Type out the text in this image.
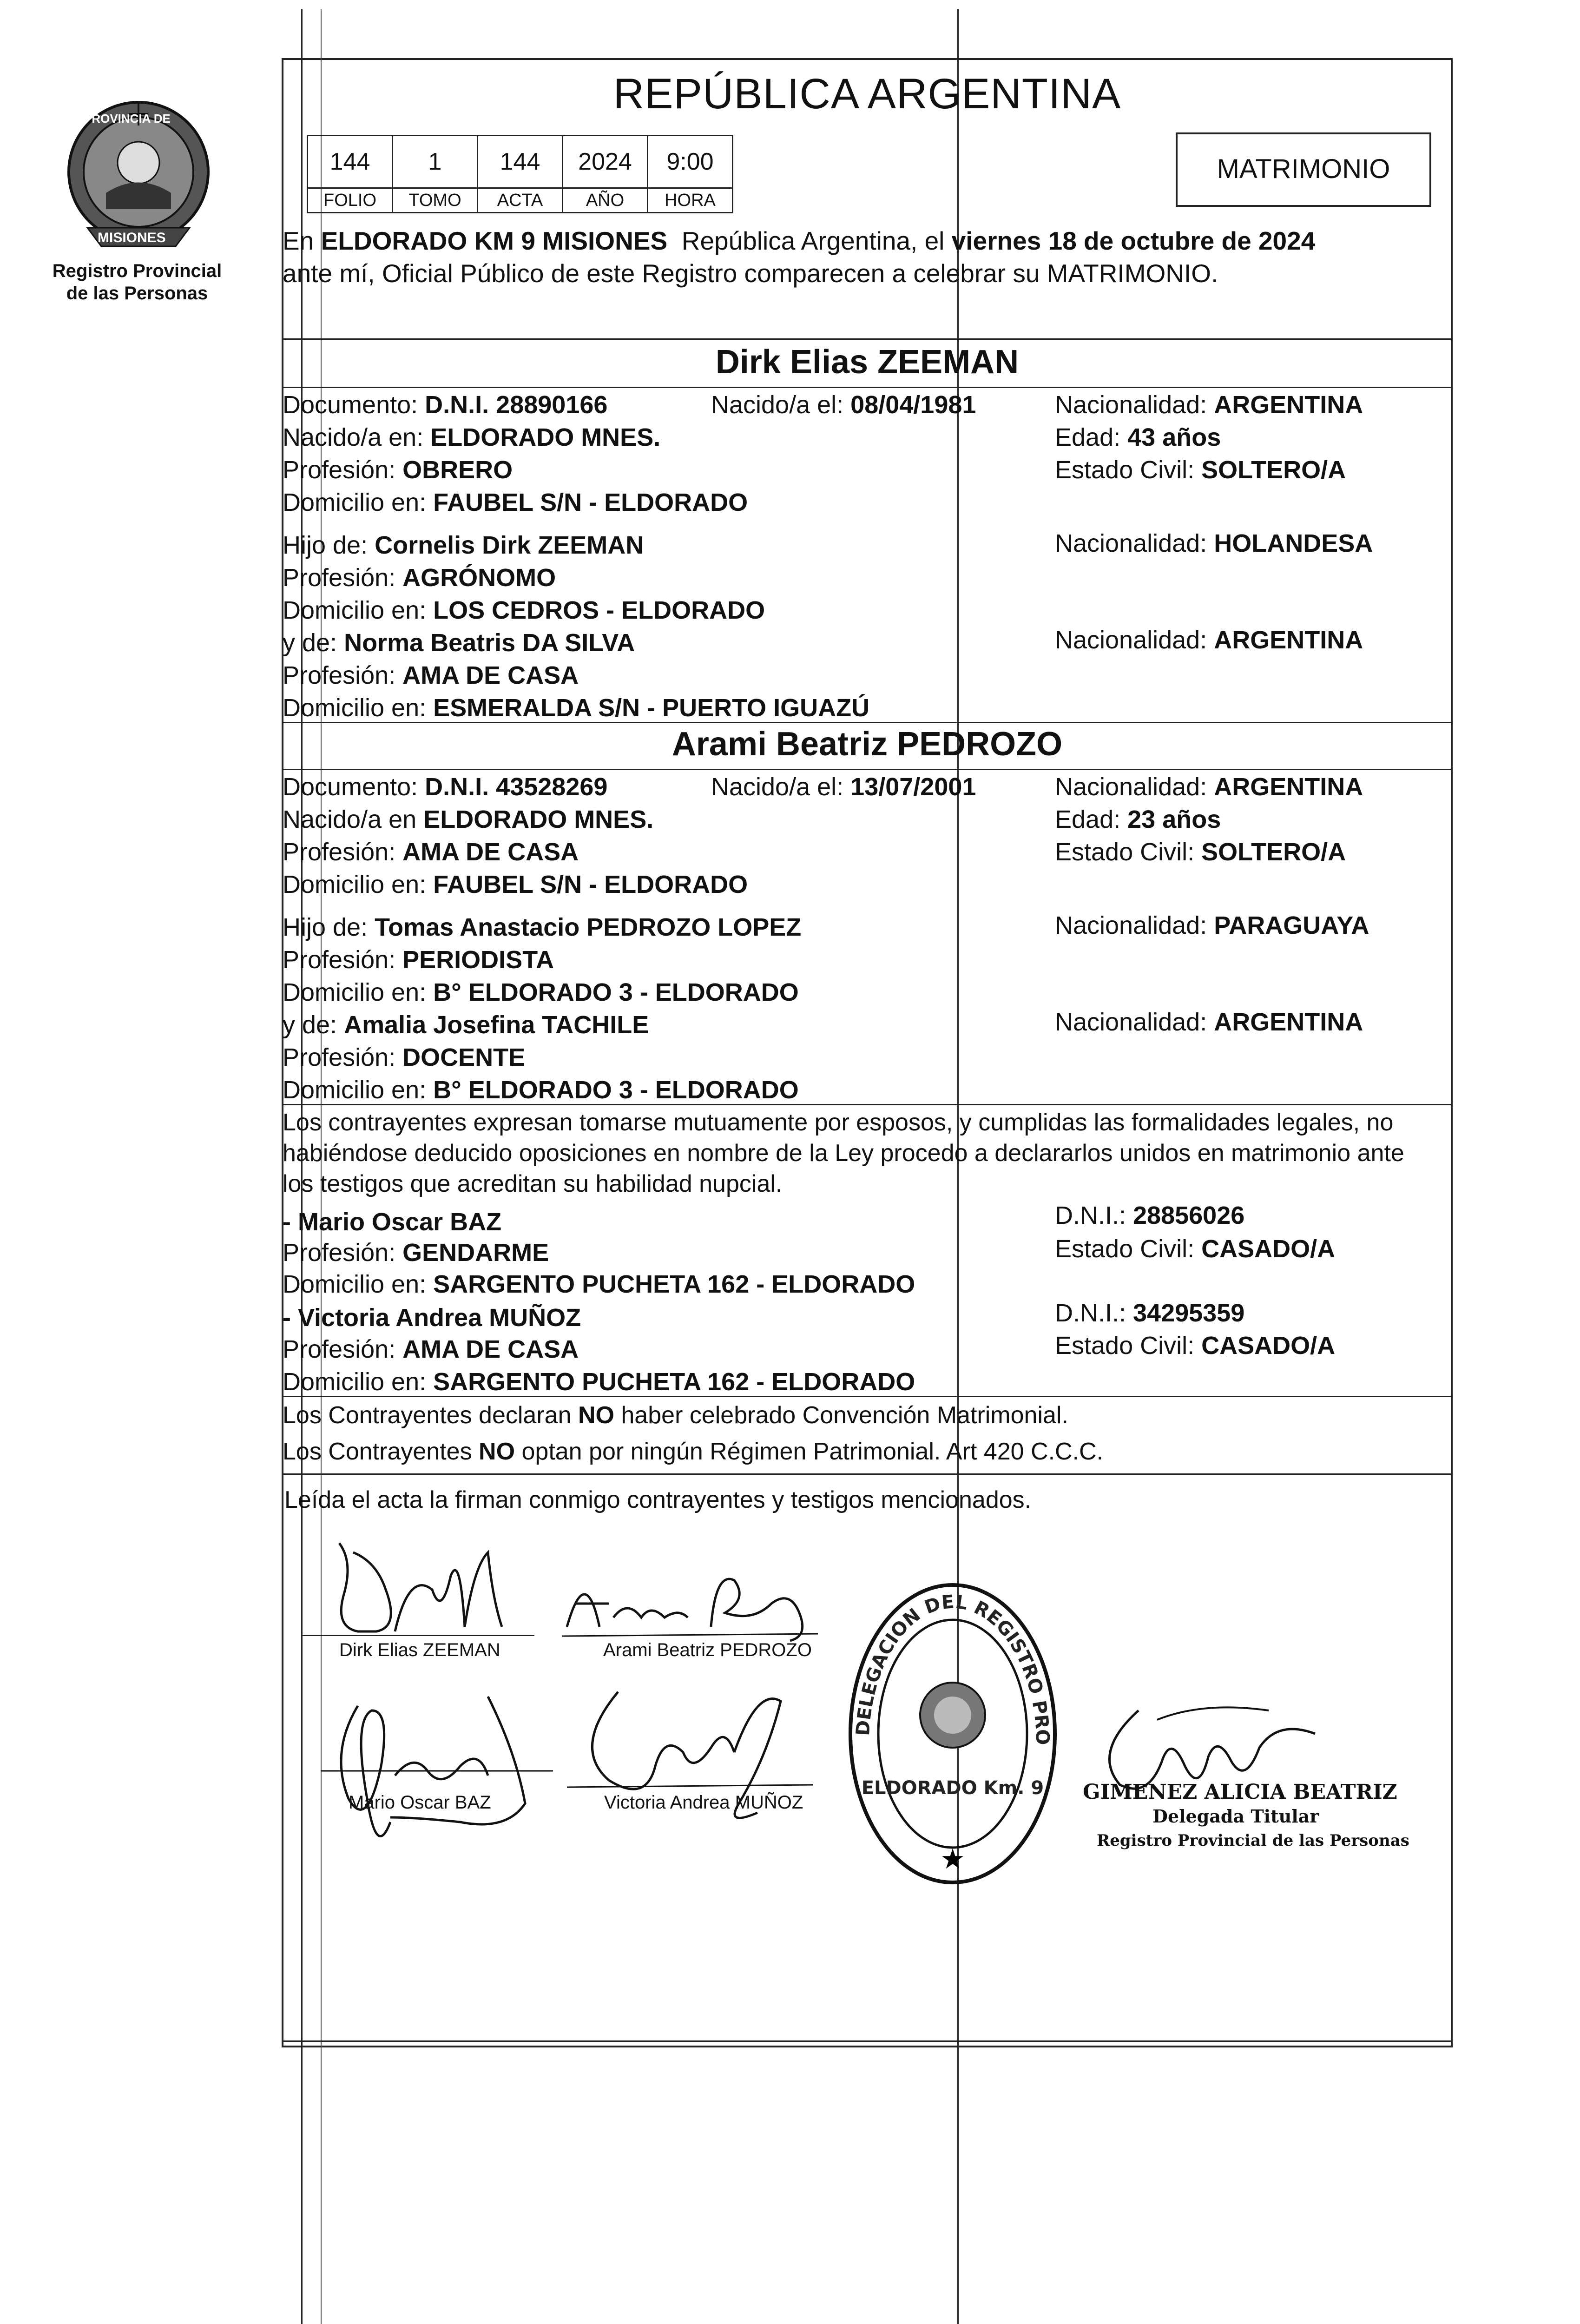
PROVINCIA DE
MISIONES
Registro Provincial
de las Personas
REPÚBLICA ARGENTINA
144	1	144	2024	9:00
FOLIO	TOMO	ACTA	AÑO	HORA
MATRIMONIO
En ELDORADO KM 9 MISIONES  República Argentina, el viernes 18 de octubre de 2024
ante mí, Oficial Público de este Registro comparecen a celebrar su MATRIMONIO.
Dirk Elias ZEEMAN
Documento: D.N.I. 28890166	Nacido/a el: 08/04/1981	Nacionalidad: ARGENTINA
Nacido/a en: ELDORADO MNES.	Edad: 43 años
Profesión: OBRERO	Estado Civil: SOLTERO/A
Domicilio en: FAUBEL S/N - ELDORADO
Hijo de: Cornelis Dirk ZEEMAN	Nacionalidad: HOLANDESA
Profesión: AGRÓNOMO
Domicilio en: LOS CEDROS - ELDORADO
y de: Norma Beatris DA SILVA	Nacionalidad: ARGENTINA
Profesión: AMA DE CASA
Domicilio en: ESMERALDA S/N - PUERTO IGUAZÚ
Arami Beatriz PEDROZO
Documento: D.N.I. 43528269	Nacido/a el: 13/07/2001	Nacionalidad: ARGENTINA
Nacido/a en ELDORADO MNES.	Edad: 23 años
Profesión: AMA DE CASA	Estado Civil: SOLTERO/A
Domicilio en: FAUBEL S/N - ELDORADO
Hijo de: Tomas Anastacio PEDROZO LOPEZ	Nacionalidad: PARAGUAYA
Profesión: PERIODISTA
Domicilio en: B° ELDORADO 3 - ELDORADO
y de: Amalia Josefina TACHILE	Nacionalidad: ARGENTINA
Profesión: DOCENTE
Domicilio en: B° ELDORADO 3 - ELDORADO
Los contrayentes expresan tomarse mutuamente por esposos, y cumplidas las formalidades legales, no
habiéndose deducido oposiciones en nombre de la Ley procedo a declararlos unidos en matrimonio ante
los testigos que acreditan su habilidad nupcial.
- Mario Oscar BAZ	D.N.I.: 28856026
Profesión: GENDARME	Estado Civil: CASADO/A
Domicilio en: SARGENTO PUCHETA 162 - ELDORADO
- Victoria Andrea MUÑOZ	D.N.I.: 34295359
Profesión: AMA DE CASA	Estado Civil: CASADO/A
Domicilio en: SARGENTO PUCHETA 162 - ELDORADO
Los Contrayentes declaran NO haber celebrado Convención Matrimonial.
Los Contrayentes NO optan por ningún Régimen Patrimonial. Art 420 C.C.C.
Leída el acta la firman conmigo contrayentes y testigos mencionados.
Dirk Elias ZEEMAN	Arami Beatriz PEDROZO
Mario Oscar BAZ	Victoria Andrea MUÑOZ
DELEGACION DEL REGISTRO PROVINCIAL DE LAS PERSONAS
ELDORADO Km. 9
★
GIMENEZ ALICIA BEATRIZ
Delegada Titular
Registro Provincial de las Personas
